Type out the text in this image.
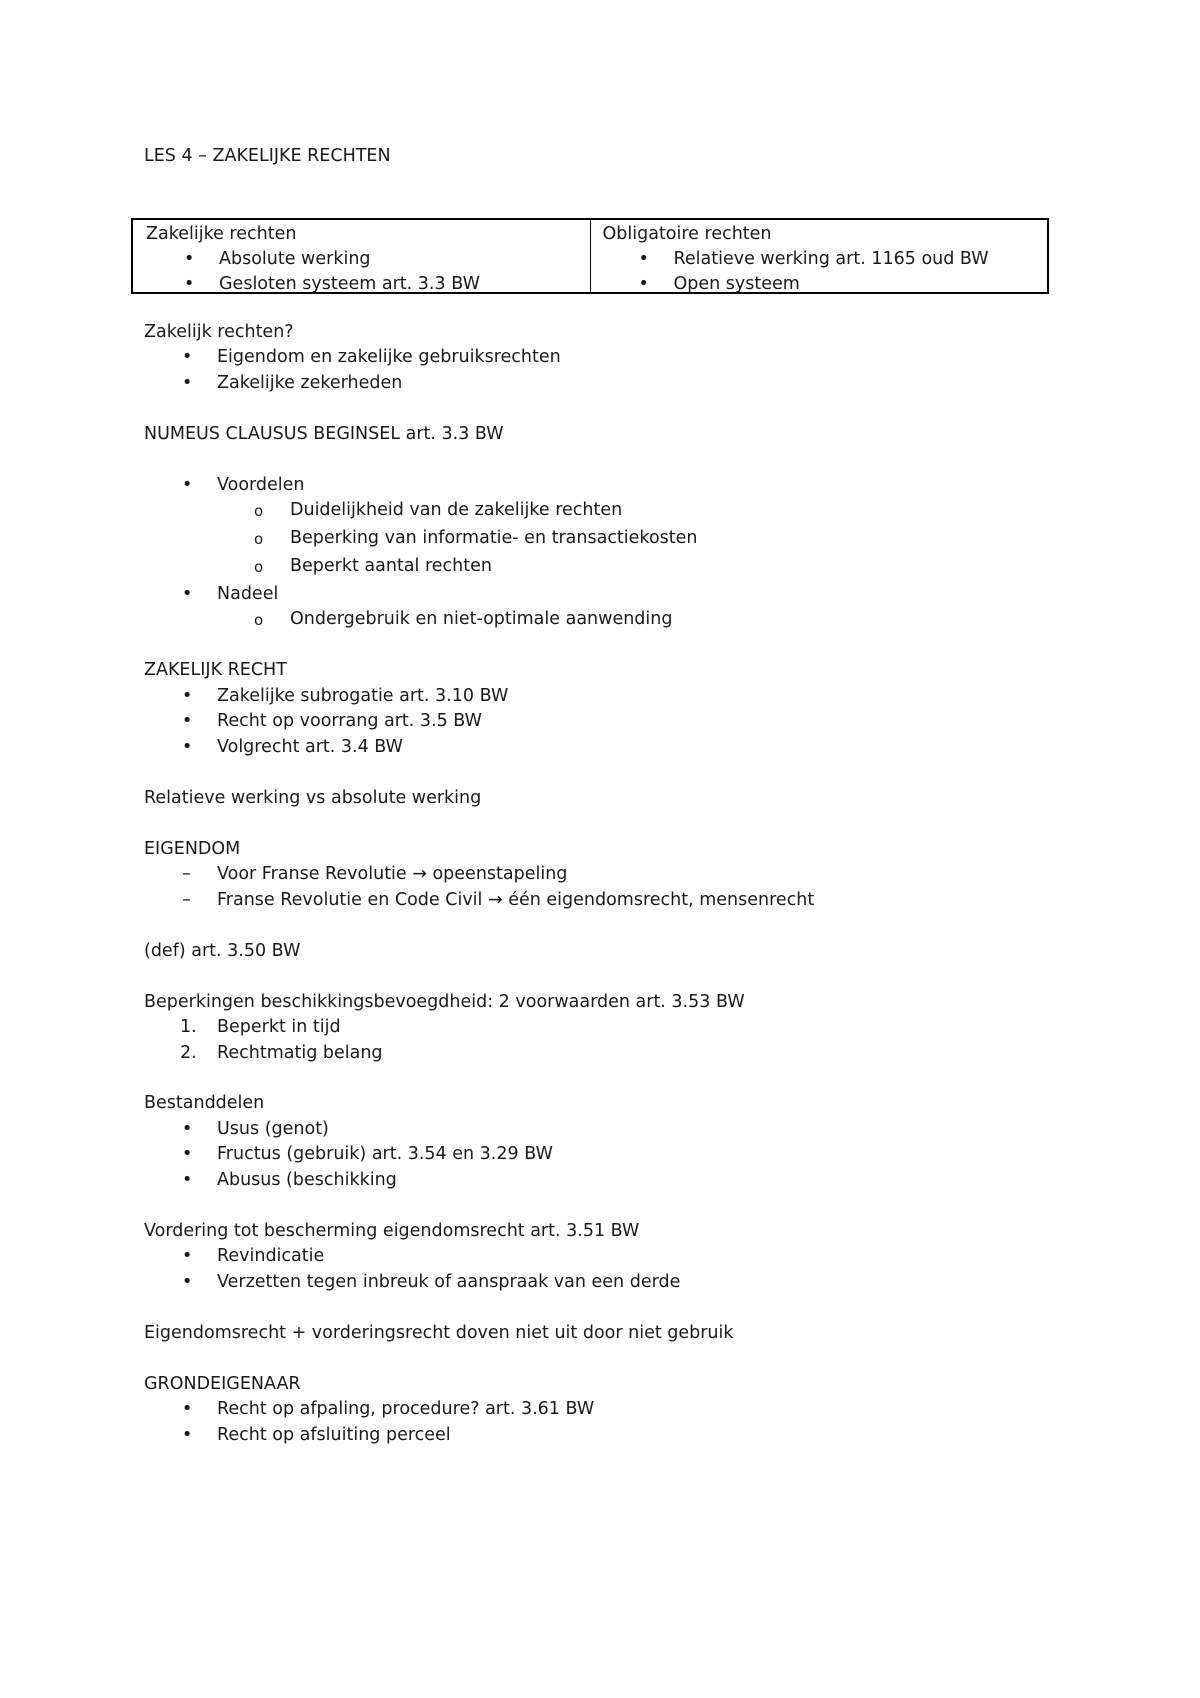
LES 4 – ZAKELIJKE RECHTEN
Zakelijke rechten
• Absolute werking
• Gesloten systeem art. 3.3 BW

Obligatoire rechten
• Relatieve werking art. 1165 oud BW
• Open systeem
Zakelijk rechten?
• Eigendom en zakelijke gebruiksrechten
• Zakelijke zekerheden
NUMEUS CLAUSUS BEGINSEL art. 3.3 BW
• Voordelen
o Duidelijkheid van de zakelijke rechten
o Beperking van informatie- en transactiekosten
o Beperkt aantal rechten
• Nadeel
o Ondergebruik en niet-optimale aanwending
ZAKELIJK RECHT
• Zakelijke subrogatie art. 3.10 BW
• Recht op voorrang art. 3.5 BW
• Volgrecht art. 3.4 BW
Relatieve werking vs absolute werking
EIGENDOM
– Voor Franse Revolutie → opeenstapeling
– Franse Revolutie en Code Civil → één eigendomsrecht, mensenrecht
(def) art. 3.50 BW
Beperkingen beschikkingsbevoegdheid: 2 voorwaarden art. 3.53 BW
1. Beperkt in tijd
2. Rechtmatig belang
Bestanddelen
• Usus (genot)
• Fructus (gebruik) art. 3.54 en 3.29 BW
• Abusus (beschikking
Vordering tot bescherming eigendomsrecht art. 3.51 BW
• Revindicatie
• Verzetten tegen inbreuk of aanspraak van een derde
Eigendomsrecht + vorderingsrecht doven niet uit door niet gebruik
GRONDEIGENAAR
• Recht op afpaling, procedure? art. 3.61 BW
• Recht op afsluiting perceel
